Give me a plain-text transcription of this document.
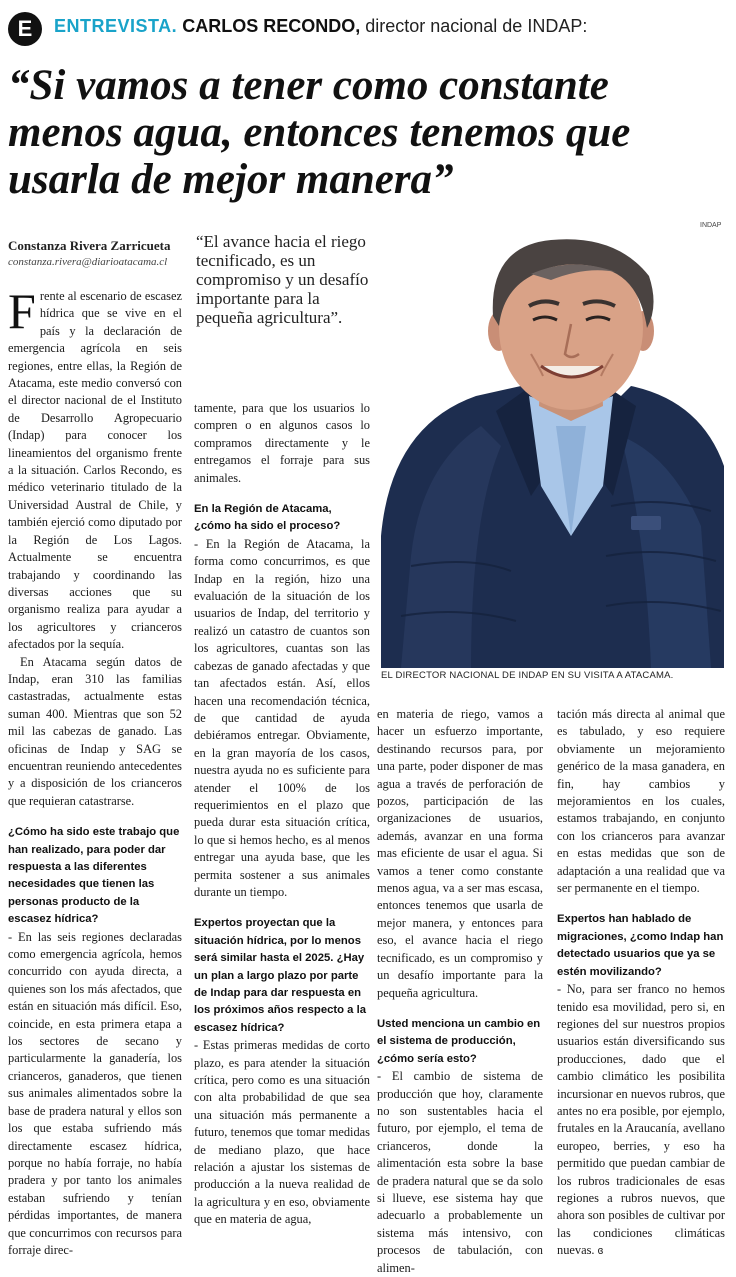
E	ENTREVISTA. CARLOS RECONDO, director nacional de INDAP:
“Si vamos a tener como constante menos agua, entonces tenemos que usarla de mejor manera”
Constanza Rivera Zarricueta
constanza.rivera@diarioatacama.cl
“El avance hacia el riego tecnificado, es un compromiso y un desafío importante para la pequeña agricultura”.
INDAP
EL DIRECTOR NACIONAL DE INDAP EN SU VISITA A ATACAMA.
F rente al escenario de escasez hídrica que se vive en el país y la declaración de emergencia agrícola en seis regiones, entre ellas, la Región de Atacama, este medio conversó con el director nacional de el Instituto de Desarrollo Agropecuario (Indap) para conocer los lineamientos del organismo frente a la situación. Carlos Recondo, es médico veterinario titulado de la Universidad Austral de Chile, y también ejerció como diputado por la Región de Los Lagos. Actualmente se encuentra trabajando y coordinando las diversas acciones que su organismo realiza para ayudar a los agricultores y crianceros afectados por la sequía.

En Atacama según datos de Indap, eran 310 las familias castastradas, actualmente estas suman 400. Mientras que son 52 mil las cabezas de ganado. Las oficinas de Indap y SAG se encuentran reuniendo antecedentes y a disposición de los crianceros que requieran catastrarse.

¿Cómo ha sido este trabajo que han realizado, para poder dar respuesta a las diferentes necesidades que tienen las personas producto de la escasez hídrica?

- En las seis regiones declaradas como emergencia agrícola, hemos concurrido con ayuda directa, a quienes son los más afectados, que están en situación más difícil. Eso, coincide, en esta primera etapa a los sectores de secano y particularmente la ganadería, los crianceros, ganaderos, que tienen sus animales alimentados sobre la base de pradera natural y ellos son los que estaba sufriendo más directamente escasez hídrica, porque no había forraje, no había pradera y por tanto los animales estaban sufriendo y tenían pérdidas importantes, de manera que concurrimos con recursos para forraje direc-

tamente, para que los usuarios lo compren o en algunos casos lo compramos directamente y le entregamos el forraje para sus animales.

En la Región de Atacama, ¿cómo ha sido el proceso?

- En la Región de Atacama, la forma como concurrimos, es que Indap en la región, hizo una evaluación de la situación de los usuarios de Indap, del territorio y realizó un catastro de cuantos son los agricultores, cuantas son las cabezas de ganado afectadas y que tan afectados están. Así, ellos hacen una recomendación técnica, de que cantidad de ayuda debiéramos entregar. Obviamente, en la gran mayoría de los casos, nuestra ayuda no es suficiente para atender el 100% de los requerimientos en el plazo que pueda durar esta situación crítica, lo que si hemos hecho, es al menos entregar una ayuda base, que les permita sostener a sus animales durante un tiempo.

Expertos proyectan que la situación hídrica, por lo menos será similar hasta el 2025. ¿Hay un plan a largo plazo por parte de Indap para dar respuesta en los próximos años respecto a la escasez hídrica?

- Estas primeras medidas de corto plazo, es para atender la situación crítica, pero como es una situación con alta probabilidad de que sea una situación más permanente a futuro, tenemos que tomar medidas de mediano plazo, que hace relación a ajustar los sistemas de producción a la nueva realidad de la agricultura y en eso, obviamente que en materia de agua,

en materia de riego, vamos a hacer un esfuerzo importante, destinando recursos para, por una parte, poder disponer de mas agua a través de perforación de pozos, participación de las organizaciones de usuarios, además, avanzar en una forma mas eficiente de usar el agua. Si vamos a tener como constante menos agua, va a ser mas escasa, entonces tenemos que usarla de mejor manera, y entonces para eso, el avance hacia el riego tecnificado, es un compromiso y un desafío importante para la pequeña agricultura.

Usted menciona un cambio en el sistema de producción, ¿cómo sería esto?

- El cambio de sistema de producción que hoy, claramente no son sustentables hacia el futuro, por ejemplo, el tema de crianceros, donde la alimentación esta sobre la base de pradera natural que se da solo si llueve, ese sistema hay que adecuarlo a probablemente un sistema más intensivo, con procesos de tabulación, con alimen-

tación más directa al animal que es tabulado, y eso requiere obviamente un mejoramiento genérico de la masa ganadera, en fin, hay cambios y mejoramientos en los cuales, estamos trabajando, en conjunto con los crianceros para avanzar en estas medidas que son de adaptación a una realidad que va ser permanente en el tiempo.

Expertos han hablado de migraciones, ¿como Indap han detectado usuarios que ya se estén movilizando?

- No, para ser franco no hemos tenido esa movilidad, pero si, en regiones del sur nuestros propios usuarios están diversificando sus producciones, dado que el cambio climático les posibilita incursionar en nuevos rubros, que antes no era posible, por ejemplo, frutales en la Araucanía, avellano europeo, berries, y eso ha permitido que puedan cambiar de los rubros tradicionales de esas regiones a rubros nuevos, que ahora son posibles de cultivar por las condiciones climáticas nuevas. ɞ
